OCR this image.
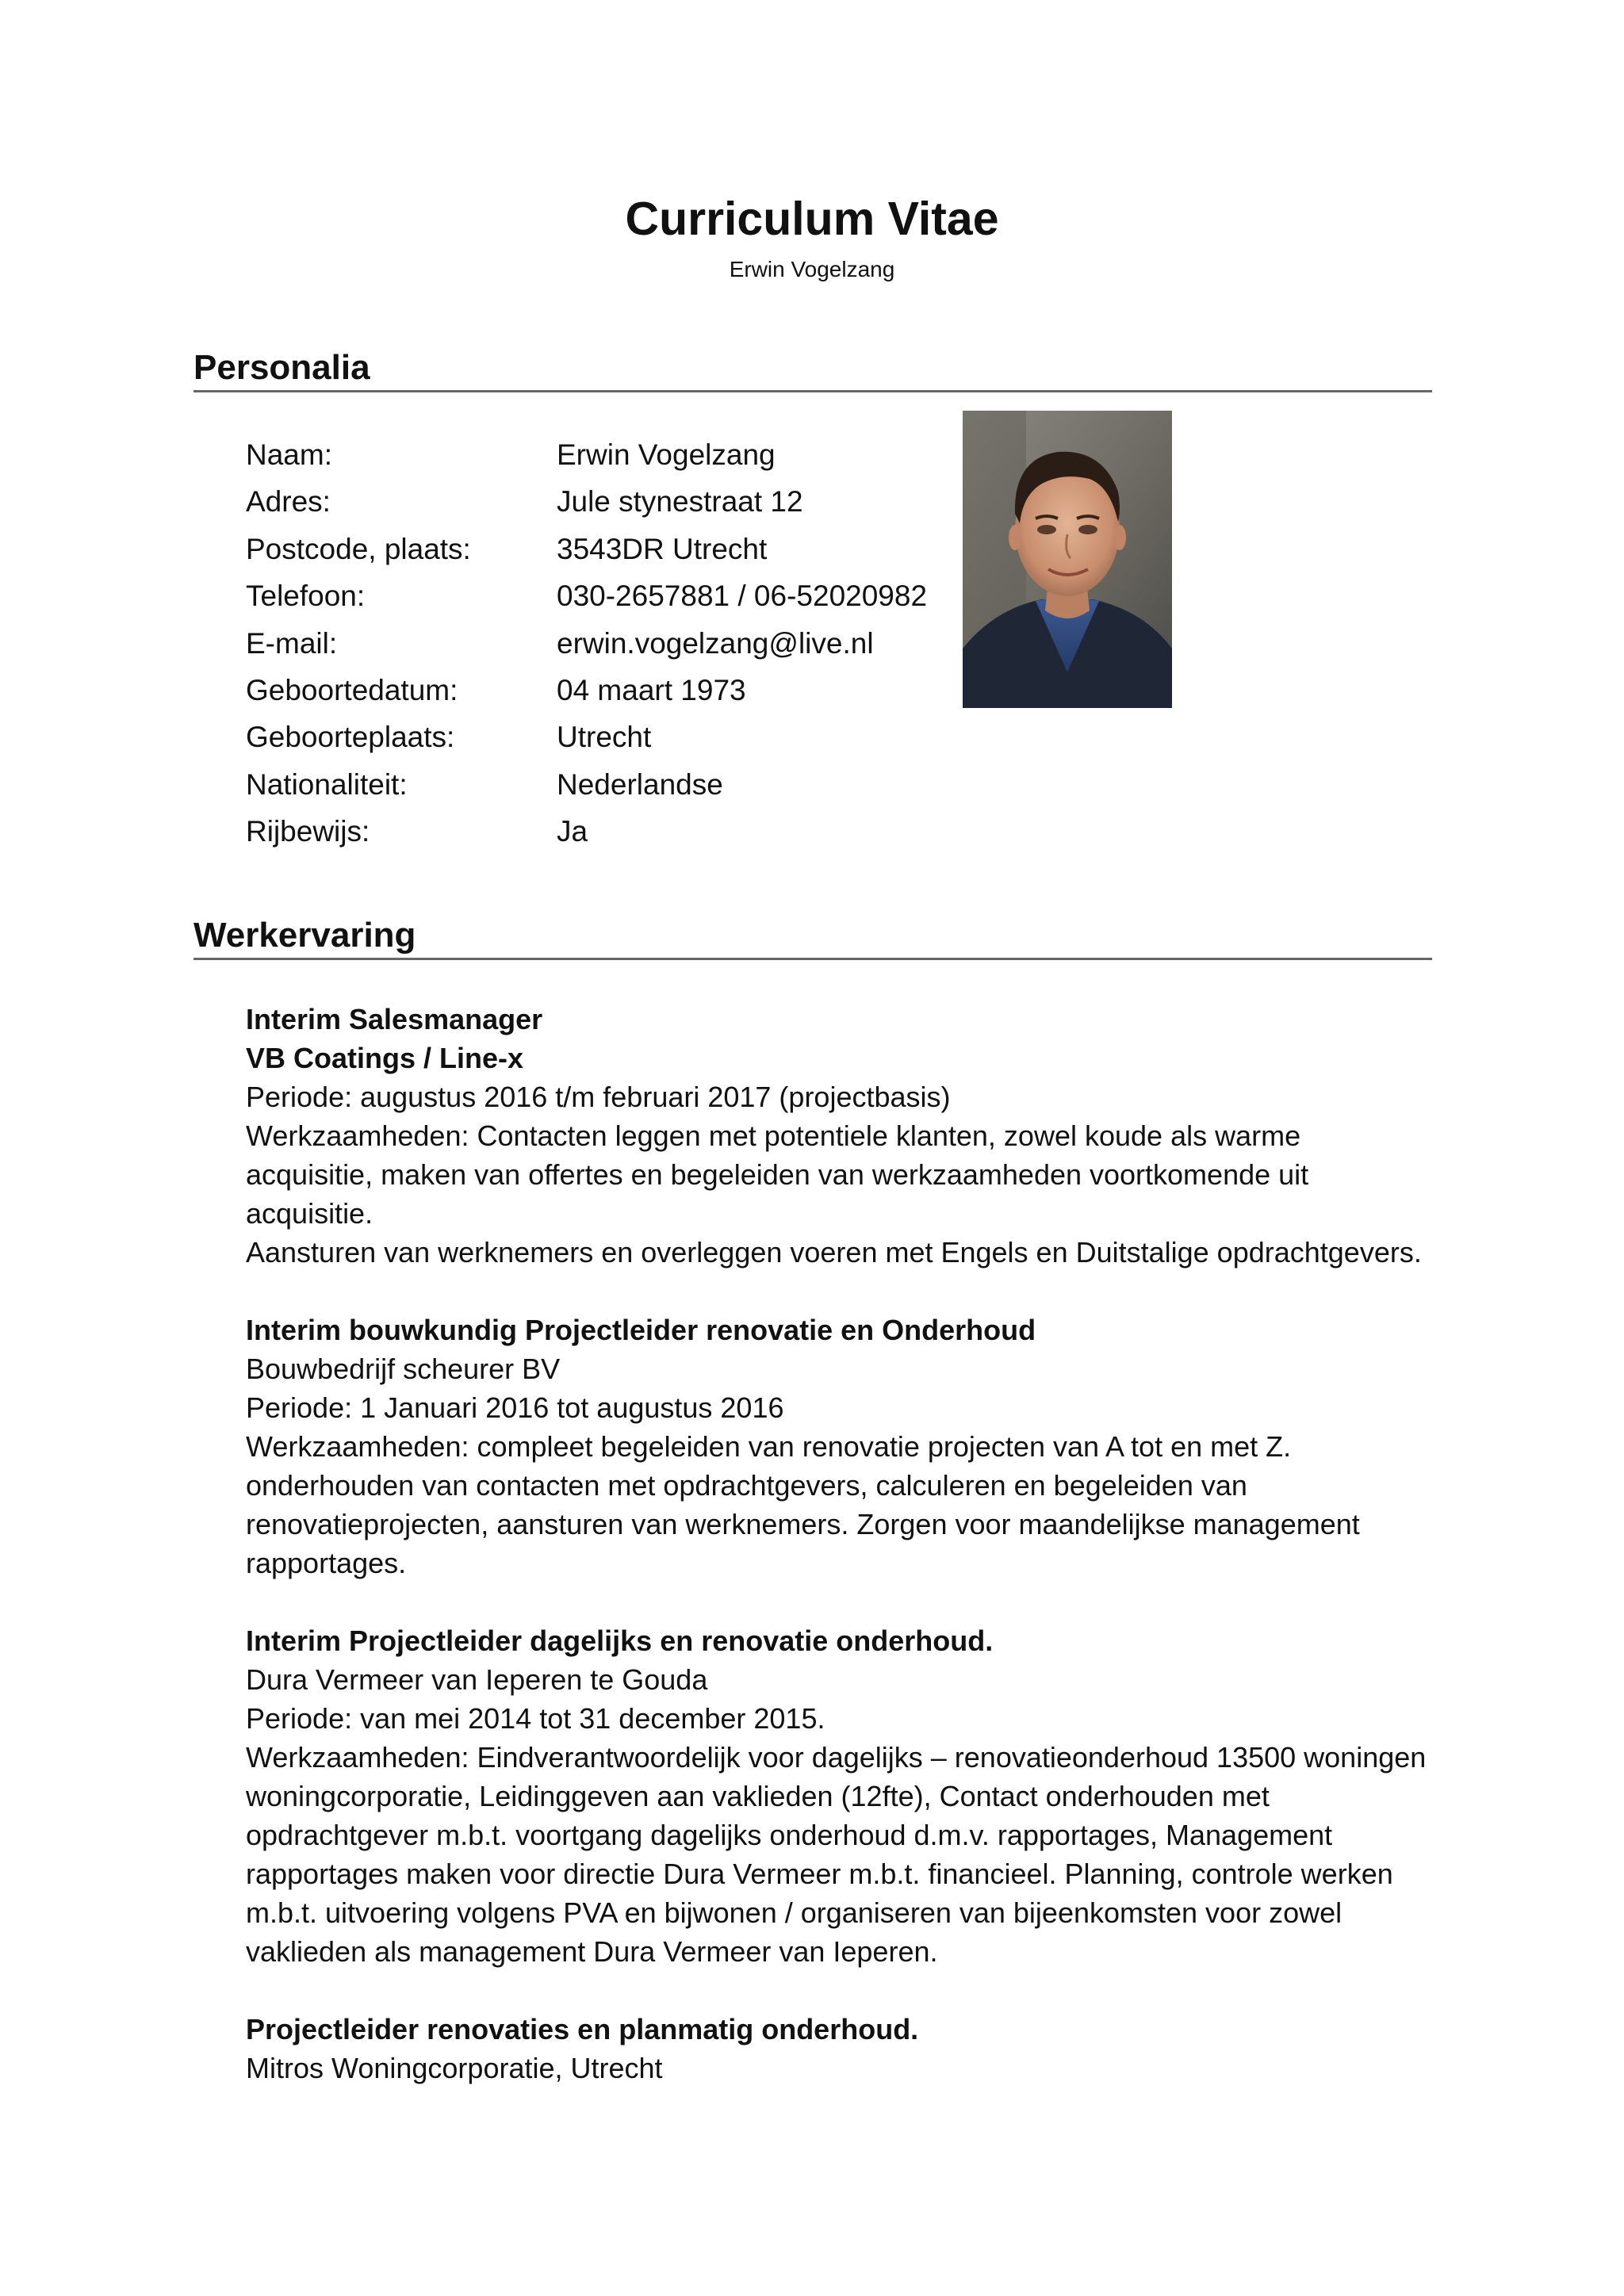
Curriculum Vitae
Erwin Vogelzang
Personalia
Naam:	Erwin Vogelzang
Adres:	Jule stynestraat 12
Postcode, plaats:	3543DR Utrecht
Telefoon:	030-2657881 / 06-52020982
E-mail:	erwin.vogelzang@live.nl
Geboortedatum:	04 maart 1973
Geboorteplaats:	Utrecht
Nationaliteit:	Nederlandse
Rijbewijs:	Ja
Werkervaring
Interim Salesmanager
VB Coatings / Line-x
Periode: augustus 2016 t/m februari 2017 (projectbasis)
Werkzaamheden: Contacten leggen met potentiele klanten, zowel koude als warme
acquisitie, maken van offertes en begeleiden van werkzaamheden voortkomende uit
acquisitie.
Aansturen van werknemers en overleggen voeren met Engels en Duitstalige opdrachtgevers.
Interim bouwkundig Projectleider renovatie en Onderhoud
Bouwbedrijf scheurer BV
Periode: 1 Januari 2016 tot augustus 2016
Werkzaamheden: compleet begeleiden van renovatie projecten van A tot en met Z.
onderhouden van contacten met opdrachtgevers, calculeren en begeleiden van
renovatieprojecten, aansturen van werknemers. Zorgen voor maandelijkse management
rapportages.
Interim Projectleider dagelijks en renovatie onderhoud.
Dura Vermeer van Ieperen te Gouda
Periode: van mei 2014 tot 31 december 2015.
Werkzaamheden: Eindverantwoordelijk voor dagelijks – renovatieonderhoud 13500 woningen
woningcorporatie, Leidinggeven aan vaklieden (12fte), Contact onderhouden met
opdrachtgever m.b.t. voortgang dagelijks onderhoud d.m.v. rapportages, Management
rapportages maken voor directie Dura Vermeer m.b.t. financieel. Planning, controle werken
m.b.t. uitvoering volgens PVA en bijwonen / organiseren van bijeenkomsten voor zowel
vaklieden als management Dura Vermeer van Ieperen.
Projectleider renovaties en planmatig onderhoud.
Mitros Woningcorporatie, Utrecht
